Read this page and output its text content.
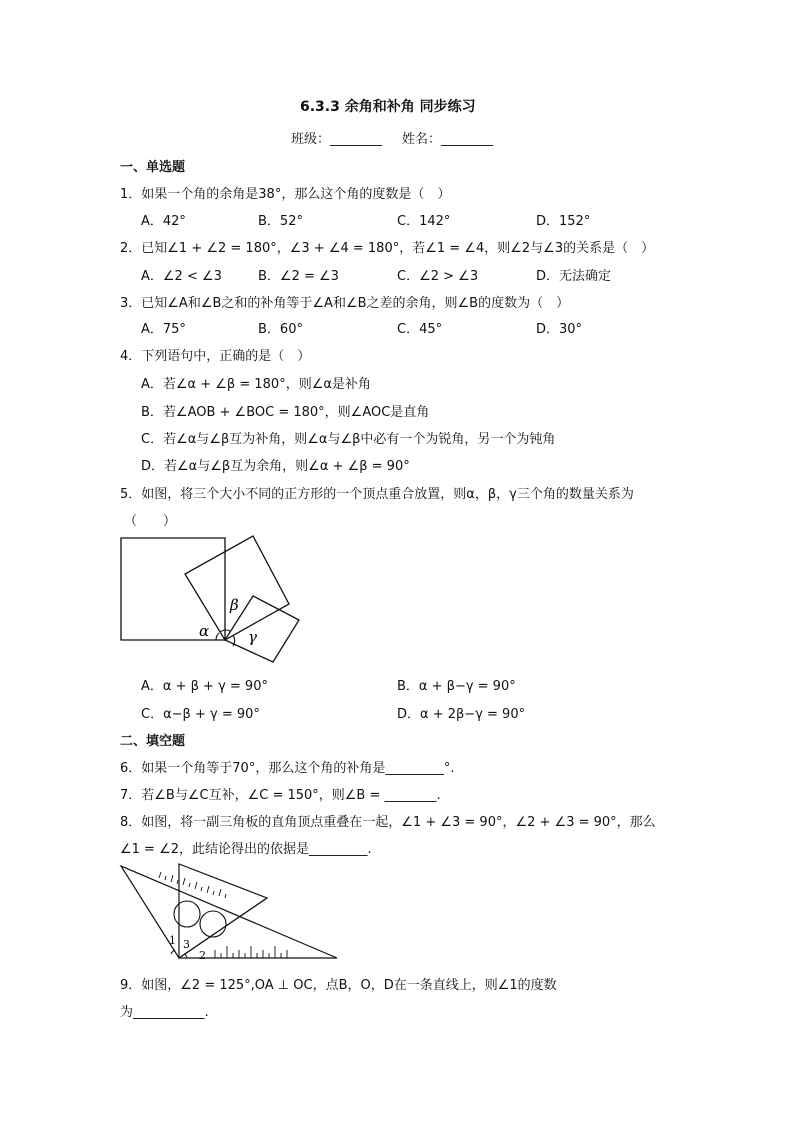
6.3.3 余角和补角 同步练习
班级：________ 姓名：________
一、单选题
1．如果一个角的余角是38°，那么这个角的度数是（　）
A．42°	B．52°	C．142°	D．152°
2．已知∠1 + ∠2 = 180°，∠3 + ∠4 = 180°，若∠1 = ∠4，则∠2与∠3的关系是（　）
A．∠2 < ∠3	B．∠2 = ∠3	C．∠2 > ∠3	D．无法确定
3．已知∠A和∠B之和的补角等于∠A和∠B之差的余角，则∠B的度数为（　）
A．75°	B．60°	C．45°	D．30°
4．下列语句中，正确的是（　）
A．若∠α + ∠β = 180°，则∠α是补角
B．若∠AOB + ∠BOC = 180°，则∠AOC是直角
C．若∠α与∠β互为补角，则∠α与∠β中必有一个为锐角，另一个为钝角
D．若∠α与∠β互为余角，则∠α + ∠β = 90°
5．如图，将三个大小不同的正方形的一个顶点重合放置，则α，β，γ三个角的数量关系为
（　　）
α
β
γ
A．α + β + γ = 90°	B．α + β−γ = 90°
C．α−β + γ = 90°	D．α + 2β−γ = 90°
二、填空题
6．如果一个角等于70°，那么这个角的补角是_________°.
7．若∠B与∠C互补，∠C = 150°，则∠B = ________.
8．如图，将一副三角板的直角顶点重叠在一起，∠1 + ∠3 = 90°，∠2 + ∠3 = 90°，那么
∠1 = ∠2，此结论得出的依据是_________.
1
2
3
9．如图，∠2 = 125°,OA ⊥ OC，点B，O，D在一条直线上，则∠1的度数
为___________.
